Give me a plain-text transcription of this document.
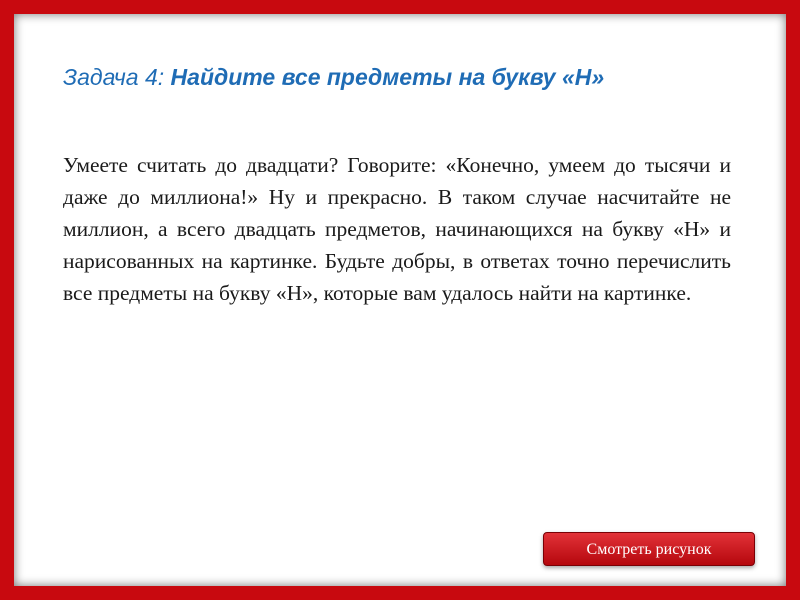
Задача 4: Найдите все предметы на букву «Н»

Умеете считать до двадцати? Говорите: «Конечно, умеем до тысячи и даже до миллиона!» Ну и прекрасно. В таком случае насчитайте не миллион, а всего двадцать предметов, начинающихся на букву «Н» и нарисованных на картинке. Будьте добры, в ответах точно перечислить все предметы на букву «Н», которые вам удалось найти на картинке.

Смотреть рисунок
